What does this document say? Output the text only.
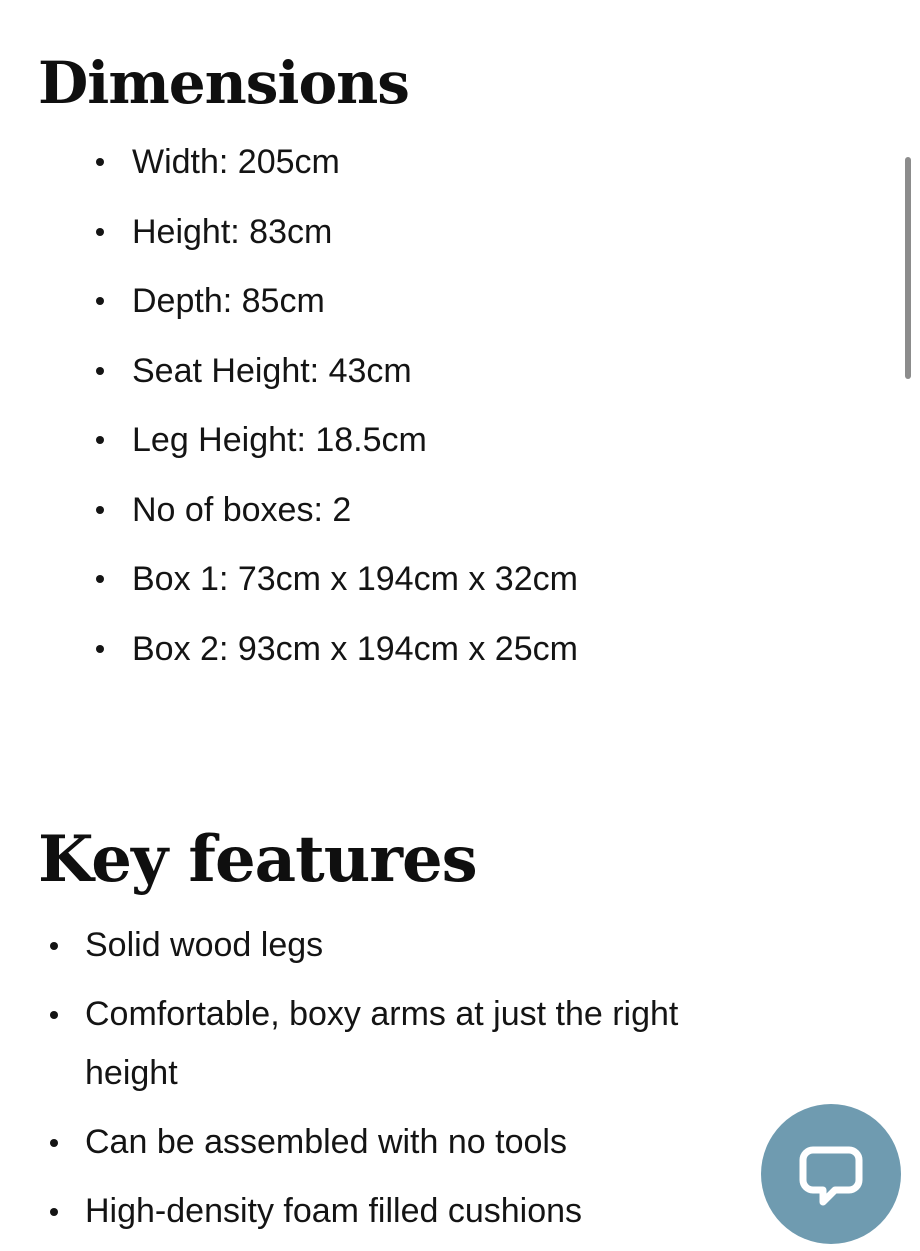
Dimensions
Width: 205cm
Height: 83cm
Depth: 85cm
Seat Height: 43cm
Leg Height: 18.5cm
No of boxes: 2
Box 1: 73cm x 194cm x 32cm
Box 2: 93cm x 194cm x 25cm
Key features
Solid wood legs
Comfortable, boxy arms at just the right height
Can be assembled with no tools
High-density foam filled cushions
